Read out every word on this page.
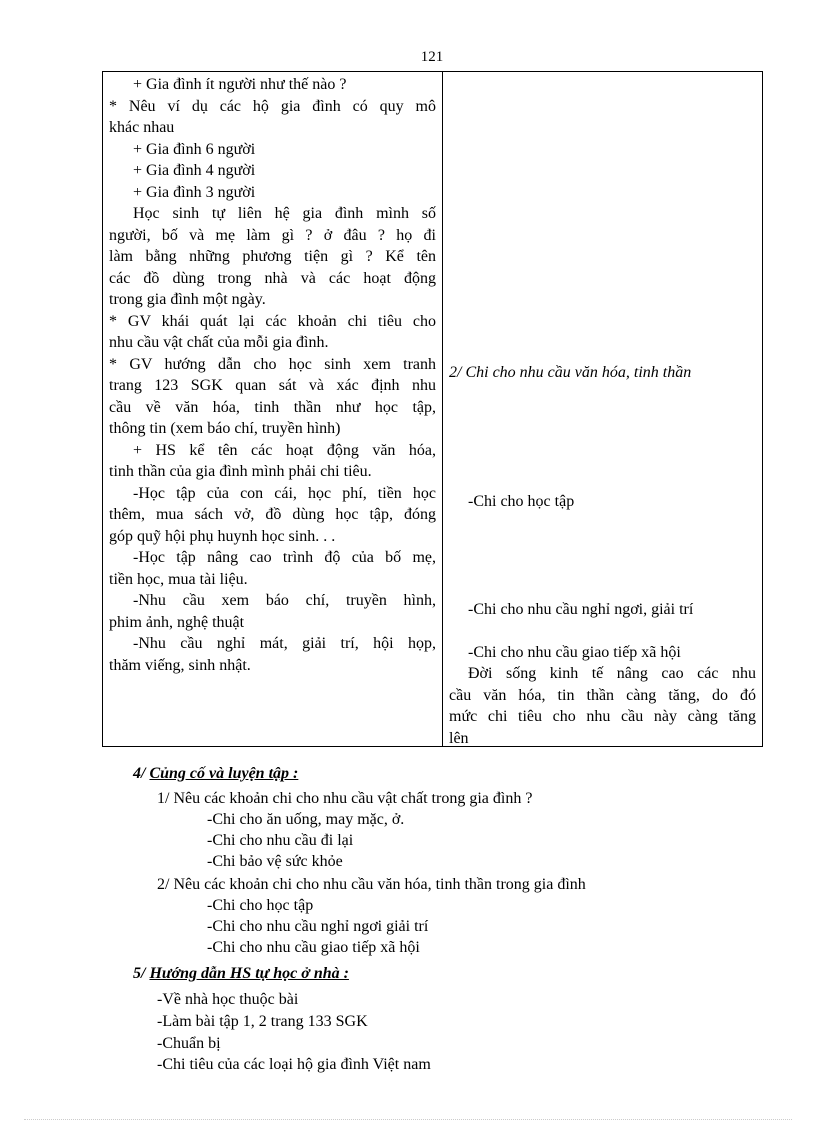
121
+ Gia đình ít người như thế nào ?
* Nêu ví dụ các hộ gia đình có quy mô
khác nhau
+ Gia đình 6 người
+ Gia đình 4 người
+ Gia đình 3 người
Học sinh tự liên hệ gia đình mình số
người, bố và mẹ làm gì ? ở đâu ? họ đi
làm bằng những phương tiện gì ? Kể tên
các đồ dùng trong nhà và các hoạt động
trong gia đình một ngày.
* GV khái quát lại các khoản chi tiêu cho
nhu cầu vật chất của mỗi gia đình.
* GV hướng dẫn cho học sinh xem tranh
trang 123 SGK quan sát và xác định nhu
cầu về văn hóa, tinh thần như học tập,
thông tin (xem báo chí, truyền hình)
+ HS kể tên các hoạt động văn hóa,
tinh thần của gia đình mình phải chi tiêu.
-Học tập của con cái, học phí, tiền học
thêm, mua sách vở, đồ dùng học tập, đóng
góp quỹ hội phụ huynh học sinh. . .
-Học tập nâng cao trình độ của bố mẹ,
tiền học, mua tài liệu.
-Nhu cầu xem báo chí, truyền hình,
phim ảnh, nghệ thuật
-Nhu cầu nghỉ mát, giải trí, hội họp,
thăm viếng, sinh nhật.
2/ Chi cho nhu cầu văn hóa, tinh thần
-Chi cho học tập
-Chi cho nhu cầu nghỉ ngơi, giải trí
-Chi cho nhu cầu giao tiếp xã hội
Đời sống kinh tế nâng cao các nhu
cầu văn hóa, tin thần càng tăng, do đó
mức chi tiêu cho nhu cầu này càng tăng
lên
4/ Củng cố và luyện tập :
1/ Nêu các khoản chi cho nhu cầu vật chất trong gia đình ?
-Chi cho ăn uống, may mặc, ở.
-Chi cho nhu cầu đi lại
-Chi bảo vệ sức khỏe
2/ Nêu các khoản chi cho nhu cầu văn hóa, tinh thần trong gia đình
-Chi cho học tập
-Chi cho nhu cầu nghỉ ngơi giải trí
-Chi cho nhu cầu giao tiếp xã hội
5/ Hướng dẫn HS tự học ở nhà :
-Về nhà học thuộc bài
-Làm bài tập 1, 2 trang 133 SGK
-Chuẩn bị
-Chi tiêu của các loại hộ gia đình Việt nam
